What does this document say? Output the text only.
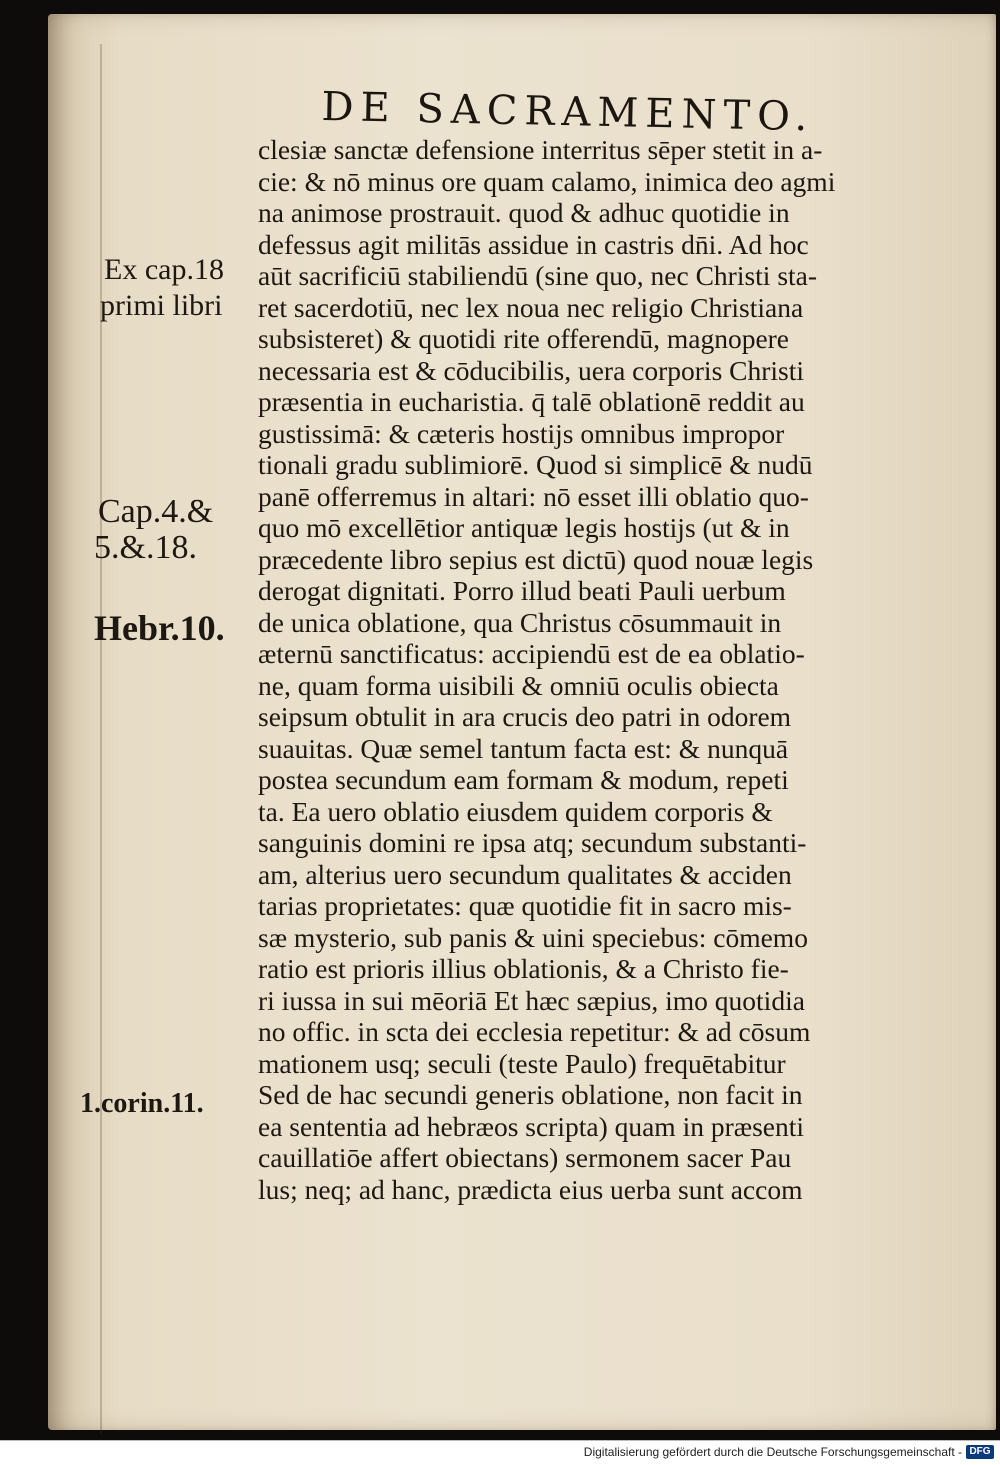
DE SACRAMENTO.
clesiæ sanctæ defensione interritus sēper stetit in a-
cie: & nō minus ore quam calamo, inimica deo agmi
na animose prostrauit. quod & adhuc quotidie in
defessus agit militās assidue in castris dn̄i. Ad hoc
aūt sacrificiū stabiliendū (sine quo, nec Christi sta-
ret sacerdotiū, nec lex noua nec religio Christiana
subsisteret) & quotidi rite offerendū, magnopere
necessaria est & cōducibilis, uera corporis Christi
præsentia in eucharistia. q̄ talē oblationē reddit au
gustissimā: & cæteris hostijs omnibus impropor
tionali gradu sublimiorē. Quod si simplicē & nudū
panē offerremus in altari: nō esset illi oblatio quo-
quo mō excellētior antiquæ legis hostijs (ut & in
præcedente libro sepius est dictū) quod nouæ legis
derogat dignitati. Porro illud beati Pauli uerbum
de unica oblatione, qua Christus cōsummauit in
æternū sanctificatus: accipiendū est de ea oblatio-
ne, quam forma uisibili & omniū oculis obiecta
seipsum obtulit in ara crucis deo patri in odorem
suauitas. Quæ semel tantum facta est: & nunquā
postea secundum eam formam & modum, repeti
ta. Ea uero oblatio eiusdem quidem corporis &
sanguinis domini re ipsa atq; secundum substanti-
am, alterius uero secundum qualitates & acciden
tarias proprietates: quæ quotidie fit in sacro mis-
sæ mysterio, sub panis & uini speciebus: cōmemo
ratio est prioris illius oblationis, & a Christo fie-
ri iussa in sui mēoriā Et hæc sæpius, imo quotidia
no offic. in scta dei ecclesia repetitur: & ad cōsum
mationem usq; seculi (teste Paulo) frequētabitur
Sed de hac secundi generis oblatione, non facit in
ea sententia ad hebræos scripta) quam in præsenti
cauillatiōe affert obiectans) sermonem sacer Pau
lus; neq; ad hanc, prædicta eius uerba sunt accom
Ex cap.18
primi libri
Cap.4.&
5.&.18.
Hebr.10.
1.corin.11.
Digitalisierung gefördert durch die Deutsche Forschungsgemeinschaft - DFG
